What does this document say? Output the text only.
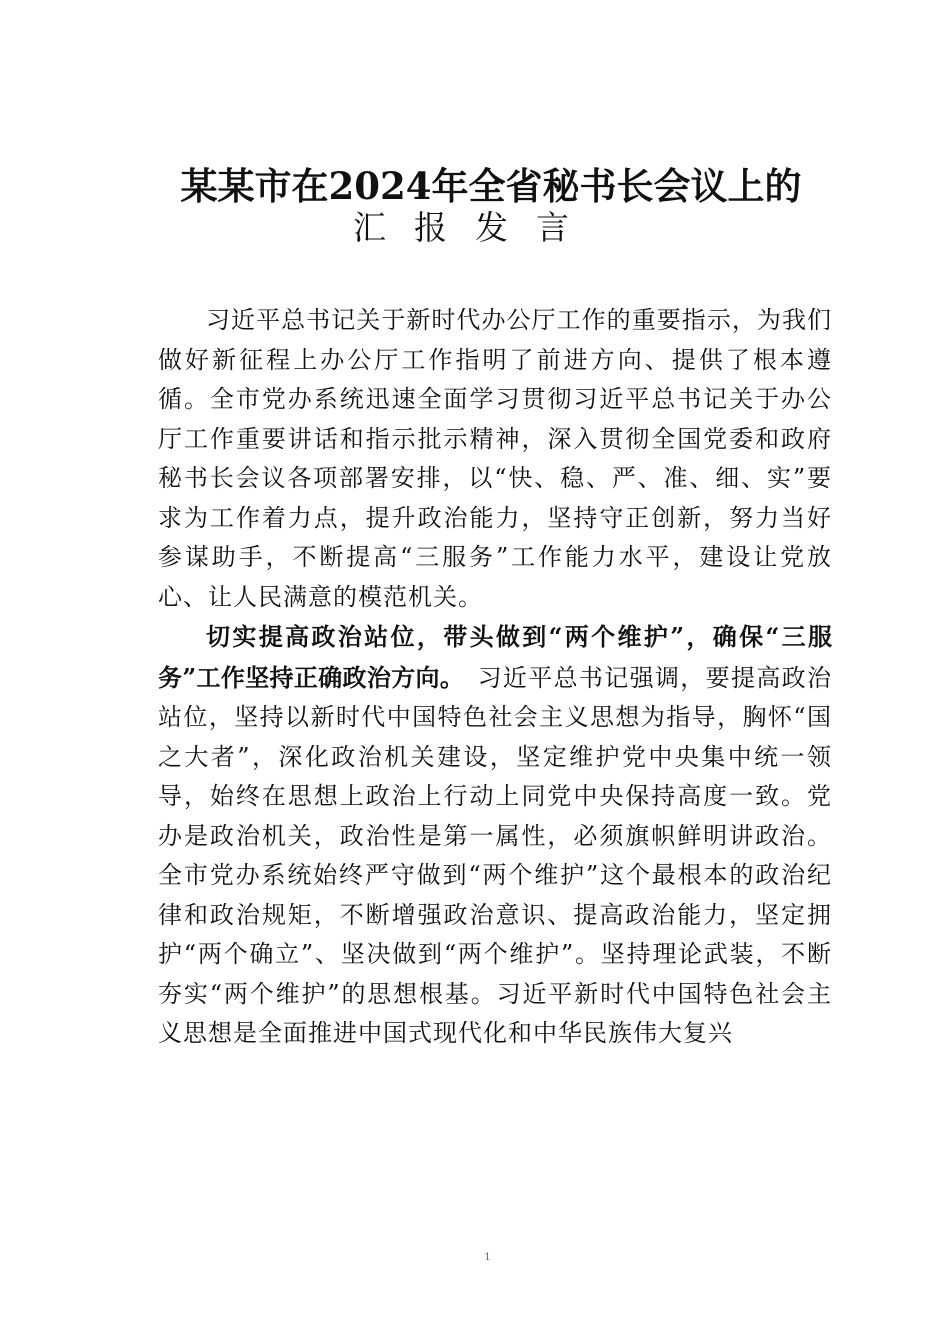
某某市在2024年全省秘书长会议上的
汇报发言

习近平总书记关于新时代办公厅工作的重要指示，为我们做好新征程上办公厅工作指明了前进方向、提供了根本遵循。全市党办系统迅速全面学习贯彻习近平总书记关于办公厅工作重要讲话和指示批示精神，深入贯彻全国党委和政府秘书长会议各项部署安排，以“快、稳、严、准、细、实”要求为工作着力点，提升政治能力，坚持守正创新，努力当好参谋助手，不断提高“三服务”工作能力水平，建设让党放心、让人民满意的模范机关。

切实提高政治站位，带头做到“两个维护”，确保“三服务”工作坚持正确政治方向。　习近平总书记强调，要提高政治站位，坚持以新时代中国特色社会主义思想为指导，胸怀“国之大者”，深化政治机关建设，坚定维护党中央集中统一领导，始终在思想上政治上行动上同党中央保持高度一致。党办是政治机关，政治性是第一属性，必须旗帜鲜明讲政治。全市党办系统始终严守做到“两个维护”这个最根本的政治纪律和政治规矩，不断增强政治意识、提高政治能力，坚定拥护“两个确立”、坚决做到“两个维护”。坚持理论武装，不断夯实“两个维护”的思想根基。习近平新时代中国特色社会主义思想是全面推进中国式现代化和中华民族伟大复兴

1
